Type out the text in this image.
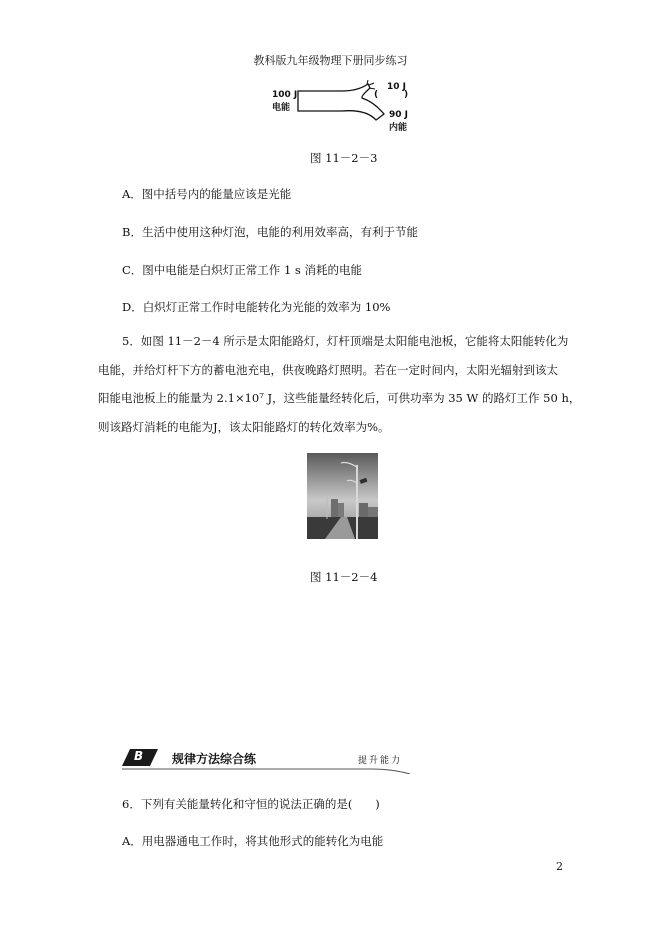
教科版九年级物理下册同步练习
100 J
电能
(
10 J
)
90 J
内能
图 11－2－3
A．图中括号内的能量应该是光能
B．生活中使用这种灯泡，电能的利用效率高，有利于节能
C．图中电能是白炽灯正常工作 1 s 消耗的电能
D．白炽灯正常工作时电能转化为光能的效率为 10%
5．如图 11－2－4 所示是太阳能路灯，灯杆顶端是太阳能电池板，它能将太阳能转化为
电能，并给灯杆下方的蓄电池充电，供夜晚路灯照明。若在一定时间内，太阳光辐射到该太
阳能电池板上的能量为 2.1×10⁷ J，这些能量经转化后，可供功率为 35 W 的路灯工作 50 h，
则该路灯消耗的电能为J，该太阳能路灯的转化效率为%。
图 11－2－4
B 规律方法综合练	提升能力
6．下列有关能量转化和守恒的说法正确的是(　　)
A．用电器通电工作时，将其他形式的能转化为电能
2
